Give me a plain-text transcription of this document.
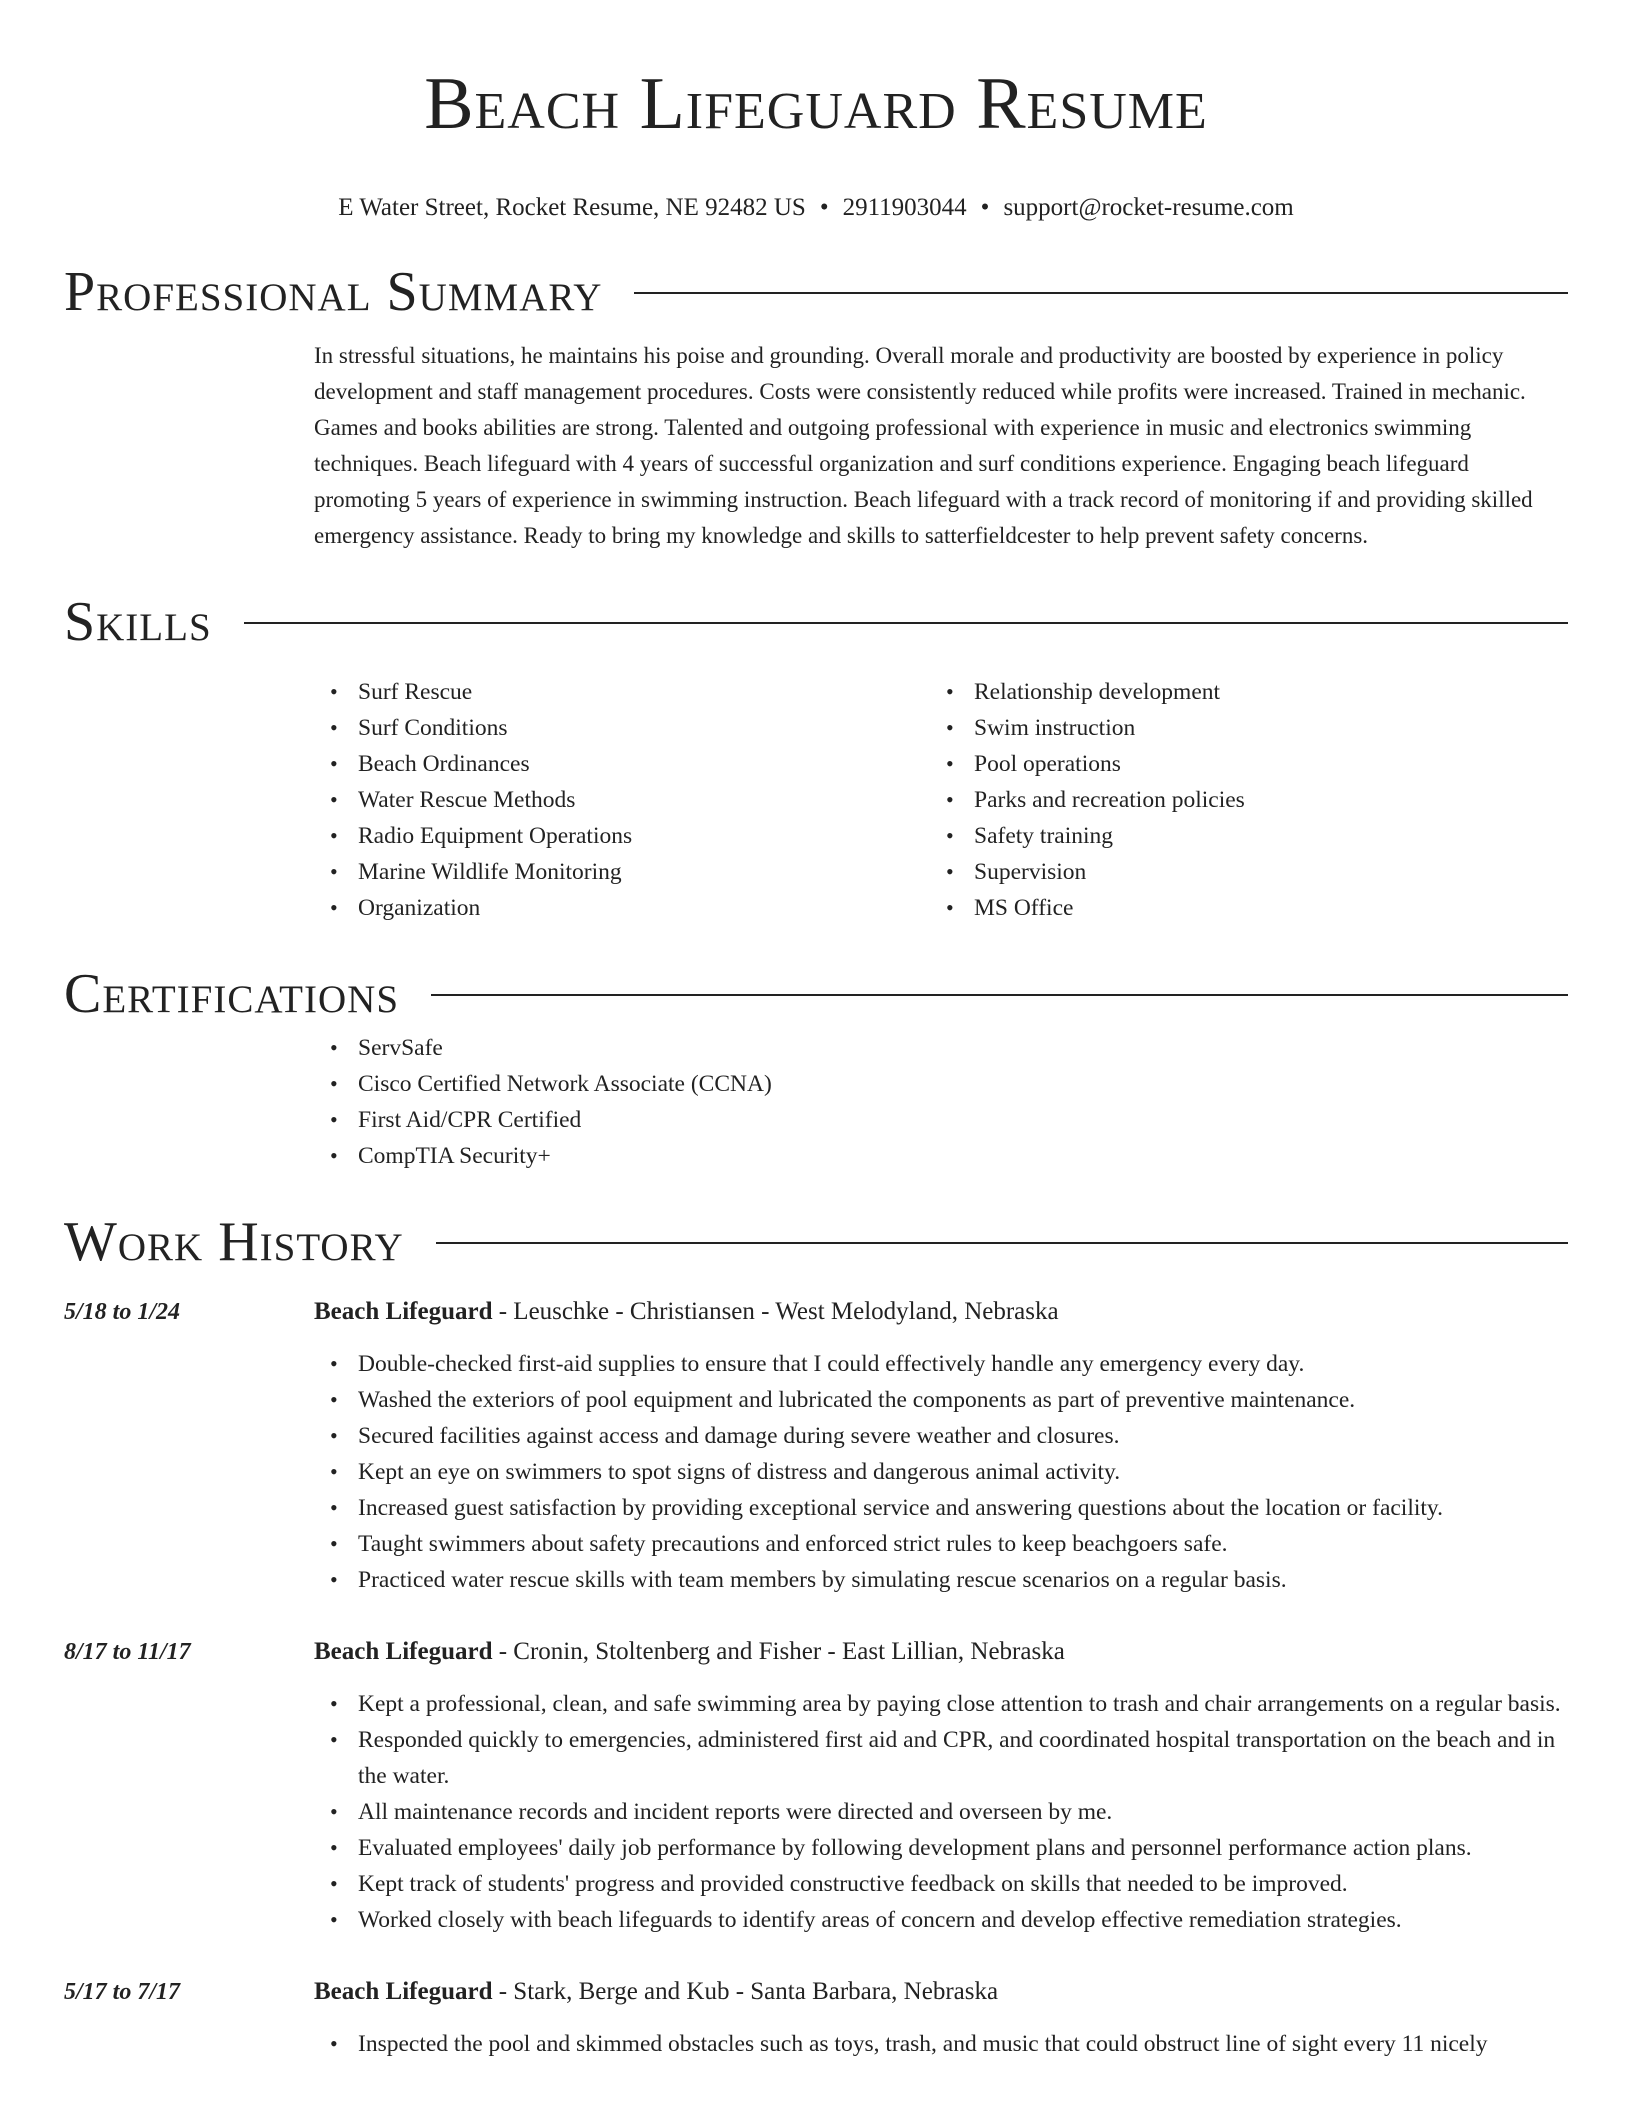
Beach Lifeguard Resume
E Water Street, Rocket Resume, NE 92482 US • 2911903044 • support@rocket-resume.com
Professional Summary

In stressful situations, he maintains his poise and grounding. Overall morale and productivity are boosted by experience in policy development and staff management procedures. Costs were consistently reduced while profits were increased. Trained in mechanic. Games and books abilities are strong. Talented and outgoing professional with experience in music and electronics swimming techniques. Beach lifeguard with 4 years of successful organization and surf conditions experience. Engaging beach lifeguard promoting 5 years of experience in swimming instruction. Beach lifeguard with a track record of monitoring if and providing skilled emergency assistance. Ready to bring my knowledge and skills to satterfieldcester to help prevent safety concerns.

Skills
• Surf Rescue
• Surf Conditions
• Beach Ordinances
• Water Rescue Methods
• Radio Equipment Operations
• Marine Wildlife Monitoring
• Organization
• Relationship development
• Swim instruction
• Pool operations
• Parks and recreation policies
• Safety training
• Supervision
• MS Office
Certifications
• ServSafe
• Cisco Certified Network Associate (CCNA)
• First Aid/CPR Certified
• CompTIA Security+
Work History
5/18 to 1/24	Beach Lifeguard - Leuschke - Christiansen - West Melodyland, Nebraska
• Double-checked first-aid supplies to ensure that I could effectively handle any emergency every day.
• Washed the exteriors of pool equipment and lubricated the components as part of preventive maintenance.
• Secured facilities against access and damage during severe weather and closures.
• Kept an eye on swimmers to spot signs of distress and dangerous animal activity.
• Increased guest satisfaction by providing exceptional service and answering questions about the location or facility.
• Taught swimmers about safety precautions and enforced strict rules to keep beachgoers safe.
• Practiced water rescue skills with team members by simulating rescue scenarios on a regular basis.
8/17 to 11/17	Beach Lifeguard - Cronin, Stoltenberg and Fisher - East Lillian, Nebraska
• Kept a professional, clean, and safe swimming area by paying close attention to trash and chair arrangements on a regular basis.
• Responded quickly to emergencies, administered first aid and CPR, and coordinated hospital transportation on the beach and in the water.
• All maintenance records and incident reports were directed and overseen by me.
• Evaluated employees' daily job performance by following development plans and personnel performance action plans.
• Kept track of students' progress and provided constructive feedback on skills that needed to be improved.
• Worked closely with beach lifeguards to identify areas of concern and develop effective remediation strategies.
5/17 to 7/17	Beach Lifeguard - Stark, Berge and Kub - Santa Barbara, Nebraska
• Inspected the pool and skimmed obstacles such as toys, trash, and music that could obstruct line of sight every 11 nicely
